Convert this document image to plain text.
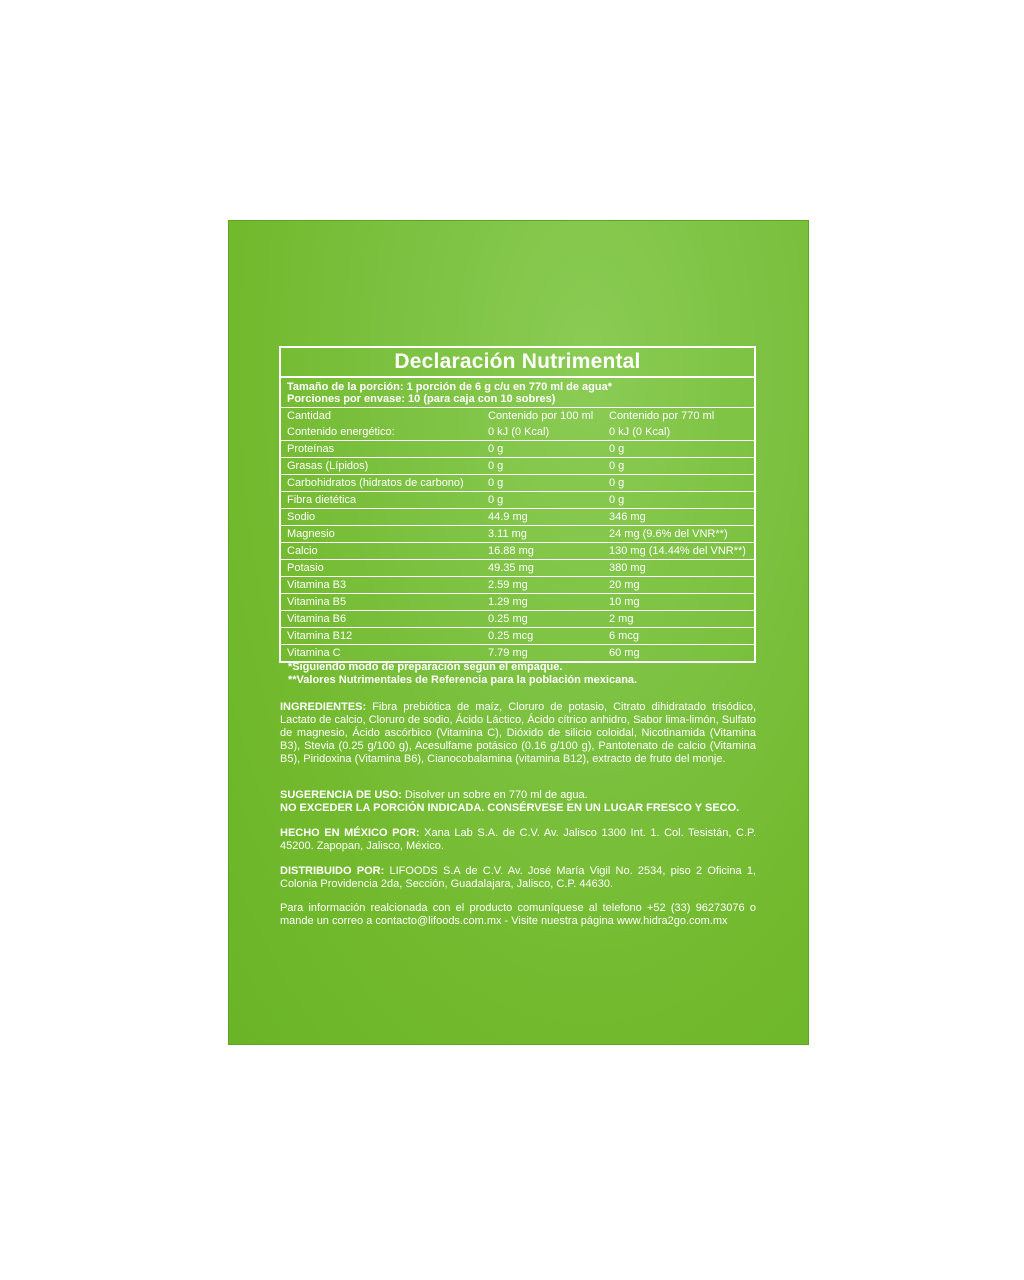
Declaración Nutrimental
Tamaño de la porción: 1 porción de 6 g c/u en 770 ml de agua*
Porciones por envase: 10 (para caja con 10 sobres)
Cantidad	Contenido por 100 ml	Contenido por 770 ml
Contenido energético:	0 kJ (0 Kcal)	0 kJ (0 Kcal)
Proteínas	0 g	0 g
Grasas (Lípidos)	0 g	0 g
Carbohidratos (hidratos de carbono)	0 g	0 g
Fibra dietética	0 g	0 g
Sodio	44.9 mg	346 mg
Magnesio	3.11 mg	24 mg (9.6% del VNR**)
Calcio	16.88 mg	130 mg (14.44% del VNR**)
Potasio	49.35 mg	380 mg
Vitamina B3	2.59 mg	20 mg
Vitamina B5	1.29 mg	10 mg
Vitamina B6	0.25 mg	2 mg
Vitamina B12	0.25 mcg	6 mcg
Vitamina C	7.79 mg	60 mg
*Siguiendo modo de preparación según el empaque.
**Valores Nutrimentales de Referencia para la población mexicana.
INGREDIENTES: Fibra prebiótica de maíz, Cloruro de potasio, Citrato dihidratado trisódico, Lactato de calcio, Cloruro de sodio, Ácido Láctico, Ácido cítrico anhidro, Sabor lima-limón, Sulfato de magnesio, Ácido ascórbico (Vitamina C), Dióxido de silicio coloidal, Nicotinamida (Vitamina B3), Stevia (0.25 g/100 g), Acesulfame potásico (0.16 g/100 g), Pantotenato de calcio (Vitamina B5), Piridoxina (Vitamina B6), Cianocobalamina (vitamina B12), extracto de fruto del monje.
SUGERENCIA DE USO: Disolver un sobre en 770 ml de agua.
NO EXCEDER LA PORCIÓN INDICADA. CONSÉRVESE EN UN LUGAR FRESCO Y SECO.
HECHO EN MÉXICO POR: Xana Lab S.A. de C.V. Av. Jalisco 1300 Int. 1. Col. Tesistán, C.P. 45200. Zapopan, Jalisco, México.
DISTRIBUIDO POR: LIFOODS S.A de C.V. Av. José María Vigil No. 2534, piso 2 Oficina 1, Colonia Providencia 2da, Sección, Guadalajara, Jalisco, C.P. 44630.
Para información realcionada con el producto comuníquese al telefono +52 (33) 96273076 o mande un correo a contacto@lifoods.com.mx - Visite nuestra página www.hidra2go.com.mx
